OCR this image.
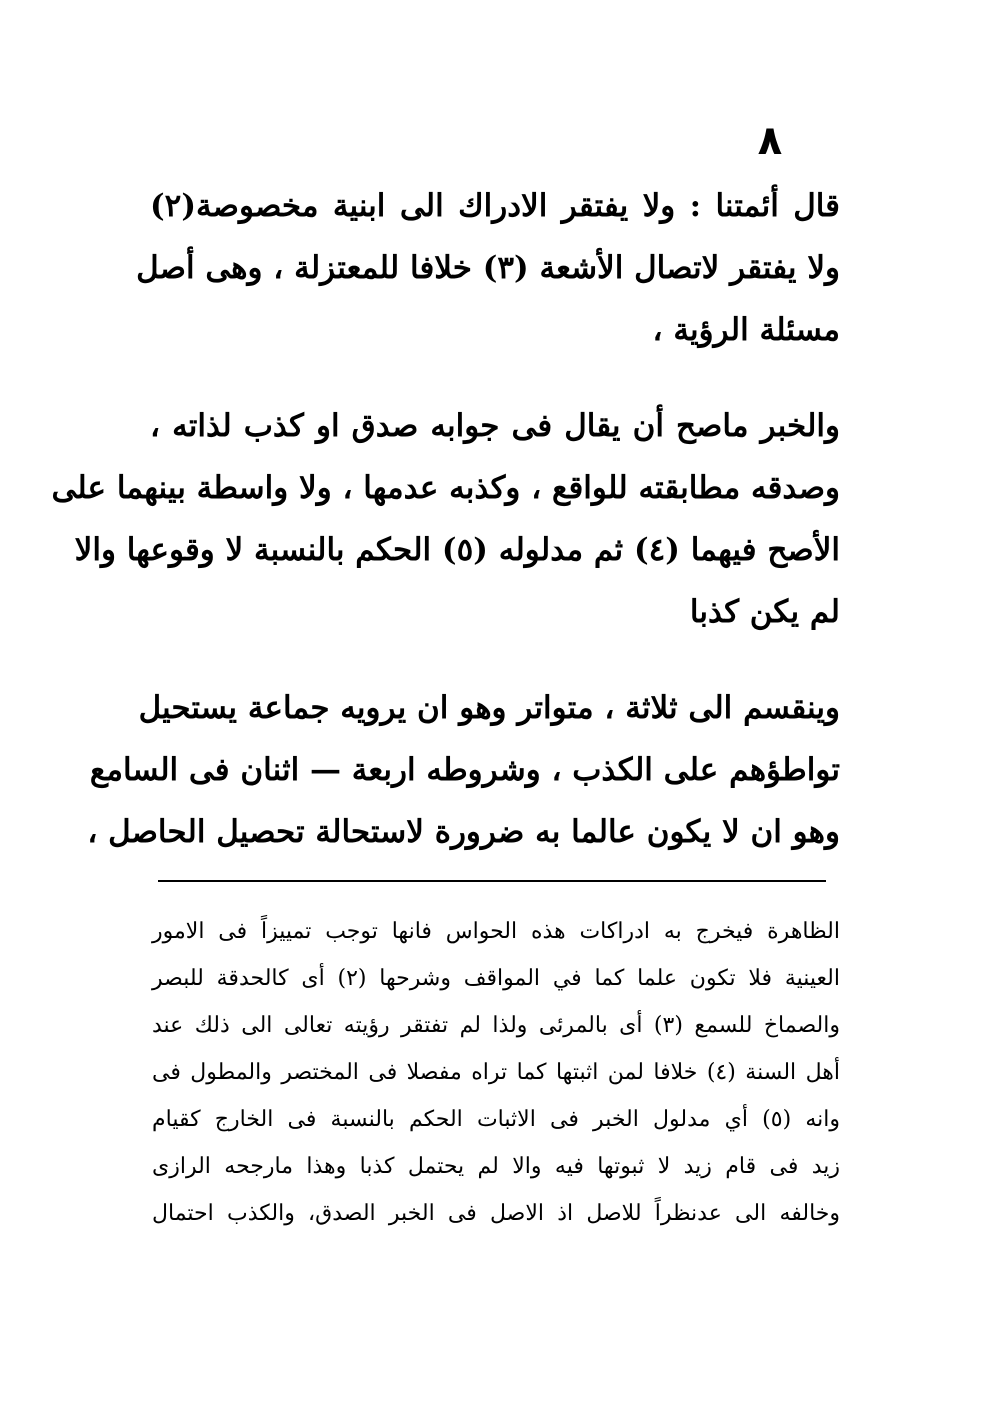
٨
قال أئمتنا : ولا يفتقر الادراك الى ابنية مخصوصة(٢)
ولا يفتقر لاتصال الأشعة (٣) خلافا للمعتزلة ، وهى أصل
مسئلة الرؤية ،
والخبر ماصح أن يقال فى جوابه صدق او كذب لذاته ،
وصدقه مطابقته للواقع ، وكذبه عدمها ، ولا واسطة بينهما على
الأصح فيهما (٤) ثم مدلوله (٥) الحكم بالنسبة لا وقوعها والا
لم يكن كذبا
وينقسم الى ثلاثة ، متواتر وهو ان يرويه جماعة يستحيل
تواطؤهم على الكذب ، وشروطه اربعة — اثنان فى السامع
وهو ان لا يكون عالما به ضرورة لاستحالة تحصيل الحاصل ،
الظاهرة فيخرج به ادراكات هذه الحواس فانها توجب تمييزاً فى الامور
العينية فلا تكون علما كما في المواقف وشرحها (٢) أى كالحدقة للبصر
والصماخ للسمع (٣) أى بالمرئى ولذا لم تفتقر رؤيته تعالى الى ذلك عند
أهل السنة (٤) خلافا لمن اثبتها كما تراه مفصلا فى المختصر والمطول فى
وانه (٥) أي مدلول الخبر فى الاثبات الحكم بالنسبة فى الخارج كقيام
زيد فى قام زيد لا ثبوتها فيه والا لم يحتمل كذبا وهذا مارجحه الرازى
وخالفه الى عدنظراً للاصل اذ الاصل فى الخبر الصدق، والكذب احتمال
